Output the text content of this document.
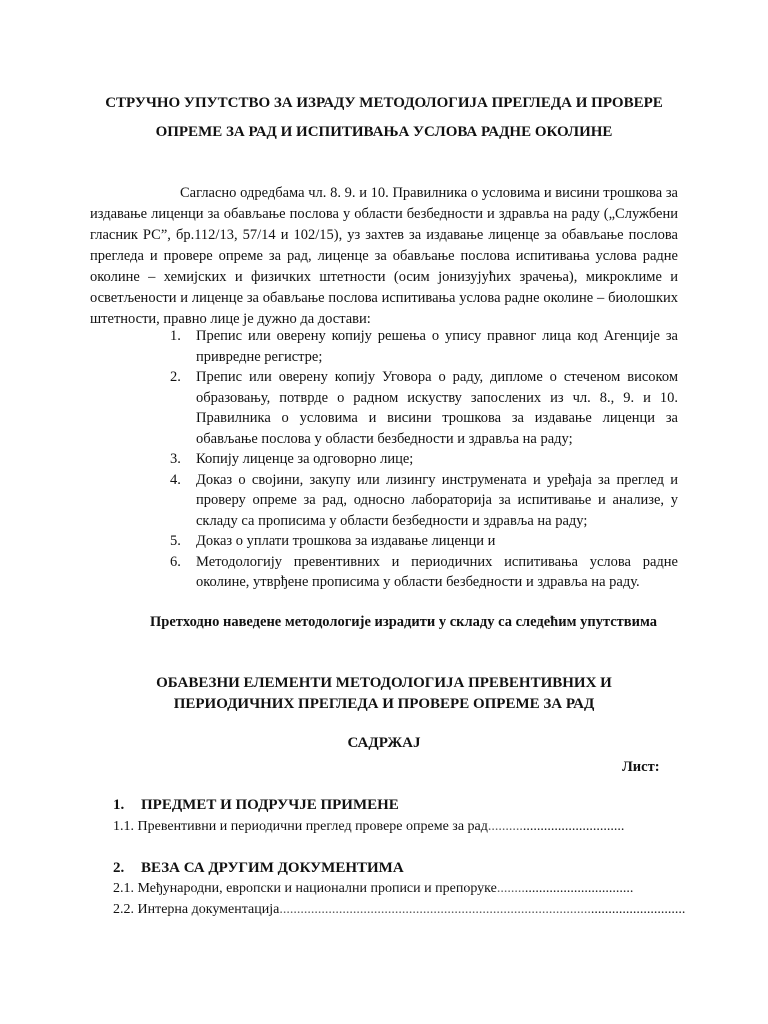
СТРУЧНО УПУТСТВО ЗА ИЗРАДУ МЕТОДОЛОГИЈА ПРЕГЛЕДА И ПРОВЕРЕ
ОПРЕМЕ ЗА РАД И ИСПИТИВАЊА УСЛОВА РАДНЕ ОКОЛИНЕ

Сагласно одредбама чл. 8. 9. и 10. Правилника о условима и висини трошкова за издавање лиценци за обављање послова у области безбедности и здравља на раду („Службени гласник РС”, бр.112/13, 57/14 и 102/15), уз захтев за издавање лиценце за обављање послова прегледа и провере опреме за рад, лиценце за обављање послова испитивања услова радне околине – хемијских и физичких штетности (осим јонизујућих зрачења), микроклиме и осветљености и лиценце за обављање послова испитивања услова радне околине – биолошких штетности, правно лице је дужно да достави:

1.	Препис или оверену копију решења о упису правног лица код Агенције за привредне регистре;
2.	Препис или оверену копију Уговора о раду, дипломе о стеченом високом образовању, потврде о радном искуству запослених из чл. 8., 9. и 10. Правилника о условима и висини трошкова за издавање лиценци за обављање послова у области безбедности и здравља на раду;
3.	Копију лиценце за одговорно лице;
4.	Доказ о својини, закупу или лизингу инструмената и уређаја за преглед и проверу опреме за рад, односно лабораторија за испитивање и анализе, у складу са прописима у области безбедности и здравља на раду;
5.	Доказ о уплати трошкова за издавање лиценци и
6.	Методологију превентивних и периодичних испитивања услова радне околине, утврђене прописима у области безбедности и здравља на раду.

Претходно наведене методологије израдити у складу са следећим упутствима

ОБАВЕЗНИ ЕЛЕМЕНТИ МЕТОДОЛОГИЈА ПРЕВЕНТИВНИХ И
ПЕРИОДИЧНИХ ПРЕГЛЕДА И ПРОВЕРЕ ОПРЕМЕ ЗА РАД
САДРЖАЈ
Лист:
1. ПРЕДМЕТ И ПОДРУЧЈЕ ПРИМЕНЕ
1.1. Превентивни и периодични преглед провере опреме за рад.......................................
2. ВЕЗА СА ДРУГИМ ДОКУМЕНТИМА
2.1. Међународни, европски и национални прописи и препоруке.......................................
2.2. Интерна документација....................................................................................................................
